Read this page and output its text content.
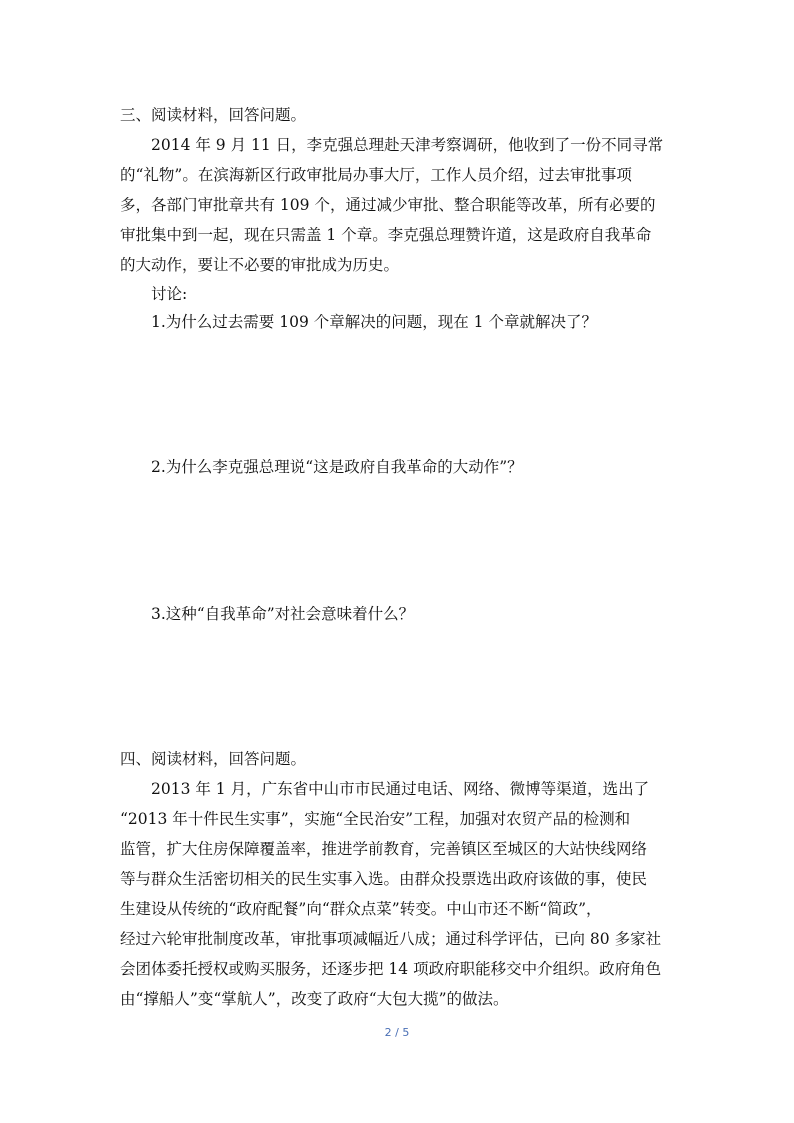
三、阅读材料，回答问题。
2014 年 9 月 11 日，李克强总理赴天津考察调研，他收到了一份不同寻常
的“礼物”。在滨海新区行政审批局办事大厅，工作人员介绍，过去审批事项
多，各部门审批章共有 109 个，通过减少审批、整合职能等改革，所有必要的
审批集中到一起，现在只需盖 1 个章。李克强总理赞许道，这是政府自我革命
的大动作，要让不必要的审批成为历史。
讨论:
1.为什么过去需要 109 个章解决的问题，现在 1 个章就解决了？
2.为什么李克强总理说“这是政府自我革命的大动作”？
3.这种“自我革命”对社会意味着什么？
四、阅读材料，回答问题。
2013 年 1 月，广东省中山市市民通过电话、网络、微博等渠道，选出了
“2013 年十件民生实事”，实施“全民治安”工程，加强对农贸产品的检测和
监管，扩大住房保障覆盖率，推进学前教育，完善镇区至城区的大站快线网络
等与群众生活密切相关的民生实事入选。由群众投票选出政府该做的事，使民
生建设从传统的“政府配餐”向“群众点菜”转变。中山市还不断“简政”，
经过六轮审批制度改革，审批事项减幅近八成；通过科学评估，已向 80 多家社
会团体委托授权或购买服务，还逐步把 14 项政府职能移交中介组织。政府角色
由“撑船人”变“掌航人”，改变了政府“大包大揽”的做法。
2 / 5
